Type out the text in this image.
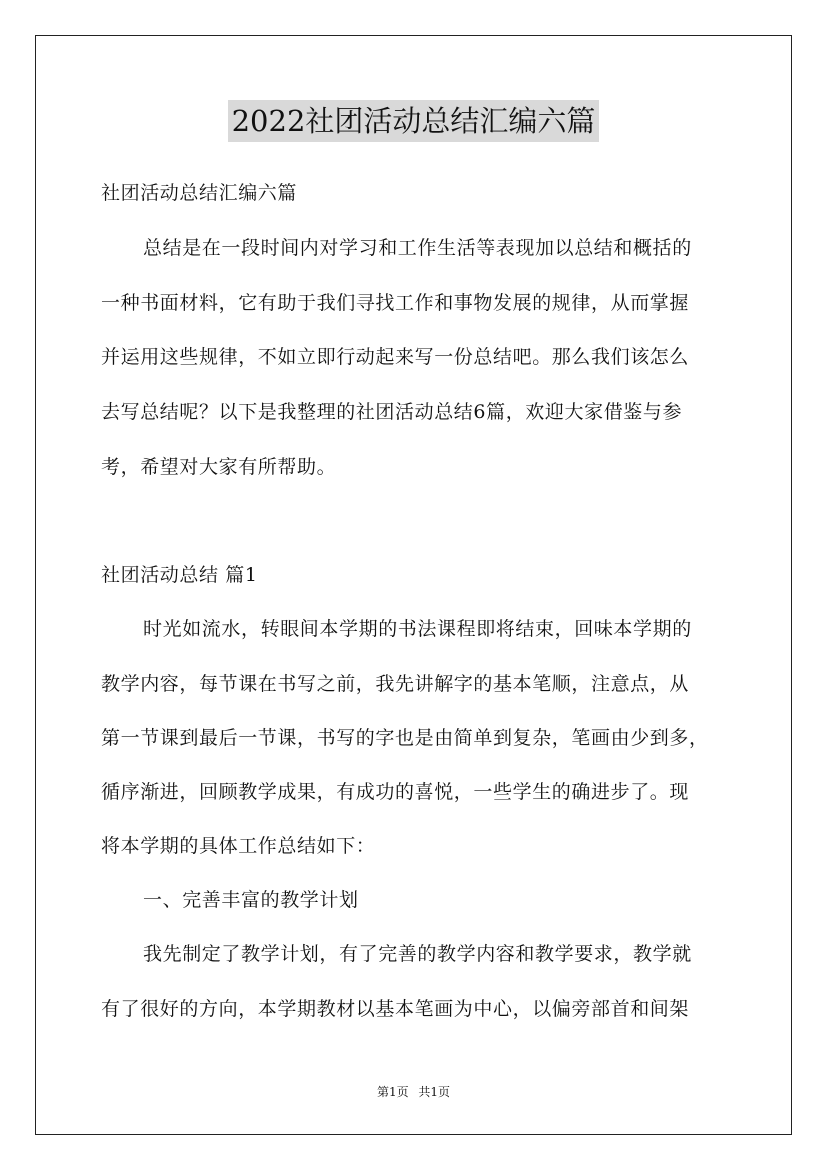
2022社团活动总结汇编六篇
社团活动总结汇编六篇
总结是在一段时间内对学习和工作生活等表现加以总结和概括的
一种书面材料，它有助于我们寻找工作和事物发展的规律，从而掌握
并运用这些规律，不如立即行动起来写一份总结吧。那么我们该怎么
去写总结呢？以下是我整理的社团活动总结6篇，欢迎大家借鉴与参
考，希望对大家有所帮助。
社团活动总结 篇1
时光如流水，转眼间本学期的书法课程即将结束，回味本学期的
教学内容，每节课在书写之前，我先讲解字的基本笔顺，注意点，从
第一节课到最后一节课，书写的字也是由简单到复杂，笔画由少到多，
循序渐进，回顾教学成果，有成功的喜悦，一些学生的确进步了。现
将本学期的具体工作总结如下：
一、完善丰富的教学计划
我先制定了教学计划，有了完善的教学内容和教学要求，教学就
有了很好的方向，本学期教材以基本笔画为中心，以偏旁部首和间架
第1页 共1页
